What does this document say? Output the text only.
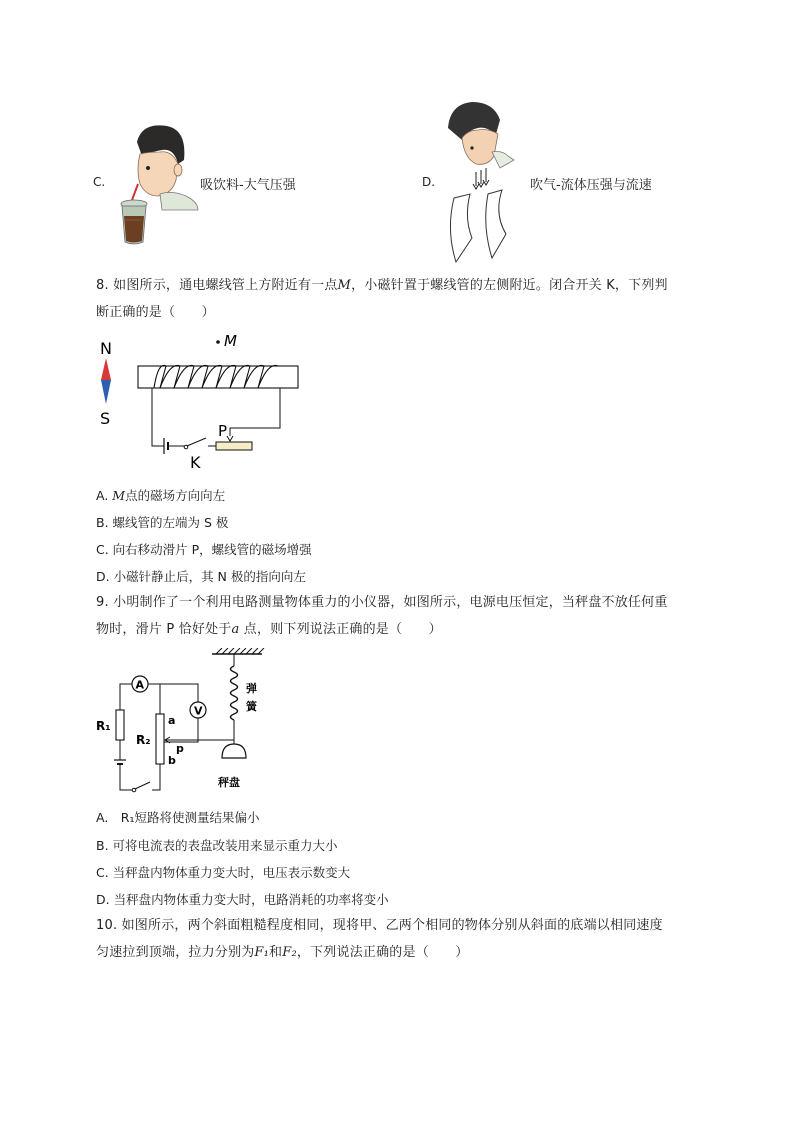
C.	吸饮料-大气压强	D.	吹气-流体压强与流速
8. 如图所示，通电螺线管上方附近有一点M，小磁针置于螺线管的左侧附近。闭合开关 K，下列判
断正确的是（　　）
M
N
S
K
P
A. M点的磁场方向向左
B. 螺线管的左端为 S 极
C. 向右移动滑片 P，螺线管的磁场增强
D. 小磁针静止后，其 N 极的指向向左
9. 小明制作了一个利用电路测量物体重力的小仪器，如图所示，电源电压恒定，当秤盘不放任何重
物时，滑片 P 恰好处于a 点，则下列说法正确的是（　　）
弹
簧
秤盘
A
V
R₁
R₂
a
b
p
A.　R₁短路将使测量结果偏小
B. 可将电流表的表盘改装用来显示重力大小
C. 当秤盘内物体重力变大时，电压表示数变大
D. 当秤盘内物体重力变大时，电路消耗的功率将变小
10. 如图所示，两个斜面粗糙程度相同，现将甲、乙两个相同的物体分别从斜面的底端以相同速度
匀速拉到顶端，拉力分别为F₁和F₂，下列说法正确的是（　　）
